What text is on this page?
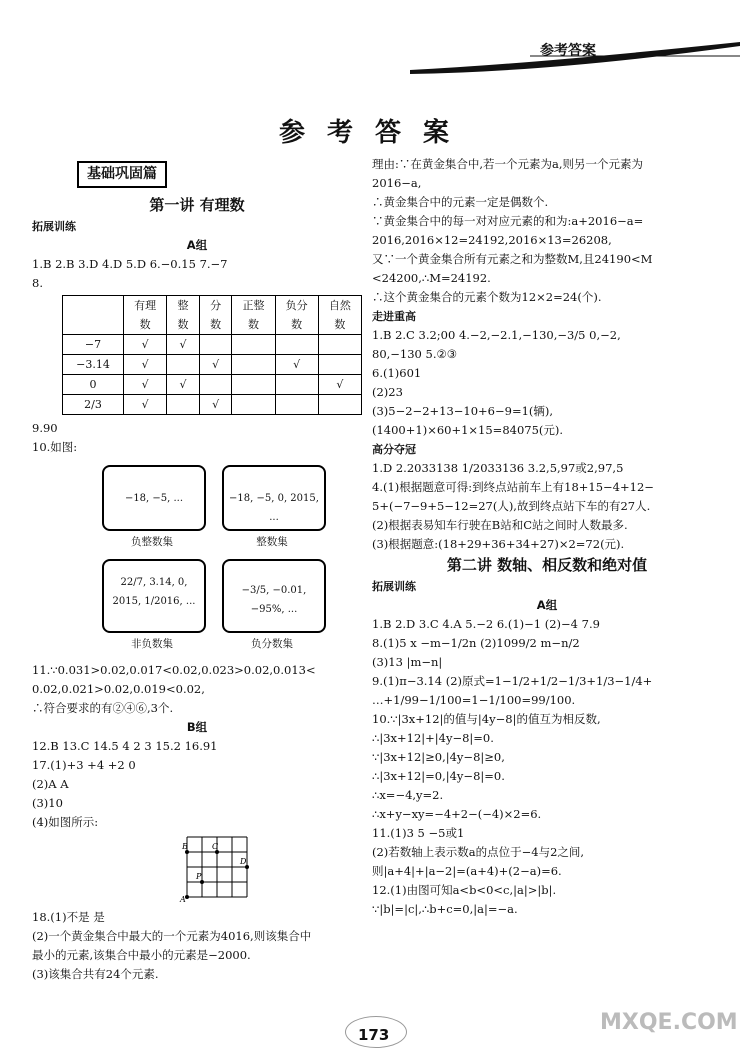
参考答案
参考答案
基础巩固篇
第一讲 有理数
拓展训练
A组
1.B 2.B 3.D 4.D 5.D 6.−0.15 7.−7
8.
	有理数	整数	分数	正整数	负分数	自然数
−7	√	√				
−3.14	√		√		√	
0	√	√				√
2/3	√		√			
9.90
10.如图:
−18, −5, ...
负整数集
−18, −5, 0, 2015, ...
整数集
22/7, 3.14, 0, 2015, 1/2016, ...
非负数集
−3/5, −0.01, −95%, ...
负分数集
11.∵0.031>0.02,0.017<0.02,0.023>0.02,0.013<
0.02,0.021>0.02,0.019<0.02,
∴符合要求的有②④⑥,3个.
B组
12.B 13.C 14.5 4 2 3 15.2 16.91
17.(1)+3 +4 +2 0
(2)A A
(3)10
(4)如图所示:
B	C
D
P
A
18.(1)不是 是
(2)一个黄金集合中最大的一个元素为4016,则该集合中
最小的元素,该集合中最小的元素是−2000.
(3)该集合共有24个元素.
理由:∵在黄金集合中,若一个元素为a,则另一个元素为
2016−a,
∴黄金集合中的元素一定是偶数个.
∵黄金集合中的每一对对应元素的和为:a+2016−a=
2016,2016×12=24192,2016×13=26208,
又∵一个黄金集合所有元素之和为整数M,且24190<M
<24200,∴M=24192.
∴这个黄金集合的元素个数为12×2=24(个).
走进重高
1.B 2.C 3.2;00 4.−2,−2.1,−130,−3/5 0,−2,
80,−130 5.②③
6.(1)601
(2)23
(3)5−2−2+13−10+6−9=1(辆),
(1400+1)×60+1×15=84075(元).
高分夺冠
1.D 2.2033138 1/2033136 3.2,5,97或2,97,5
4.(1)根据题意可得:到终点站前车上有18+15−4+12−
5+(−7−9+5−12=27(人),故到终点站下车的有27人.
(2)根据表易知车行驶在B站和C站之间时人数最多.
(3)根据题意:(18+29+36+34+27)×2=72(元).
第二讲 数轴、相反数和绝对值
拓展训练
A组
1.B 2.D 3.C 4.A 5.−2 6.(1)−1 (2)−4 7.9
8.(1)5 x −m−1/2n (2)1099/2 m−n/2
(3)13 |m−n|
9.(1)π−3.14 (2)原式=1−1/2+1/2−1/3+1/3−1/4+
…+1/99−1/100=1−1/100=99/100.
10.∵|3x+12|的值与|4y−8|的值互为相反数,
∴|3x+12|+|4y−8|=0.
∵|3x+12|≥0,|4y−8|≥0,
∴|3x+12|=0,|4y−8|=0.
∴x=−4,y=2.
∴x+y−xy=−4+2−(−4)×2=6.
11.(1)3 5 −5或1
(2)若数轴上表示数a的点位于−4与2之间,
则|a+4|+|a−2|=(a+4)+(2−a)=6.
12.(1)由图可知a<b<0<c,|a|>|b|.
∵|b|=|c|,∴b+c=0,|a|=−a.
173	MXQE.COM
